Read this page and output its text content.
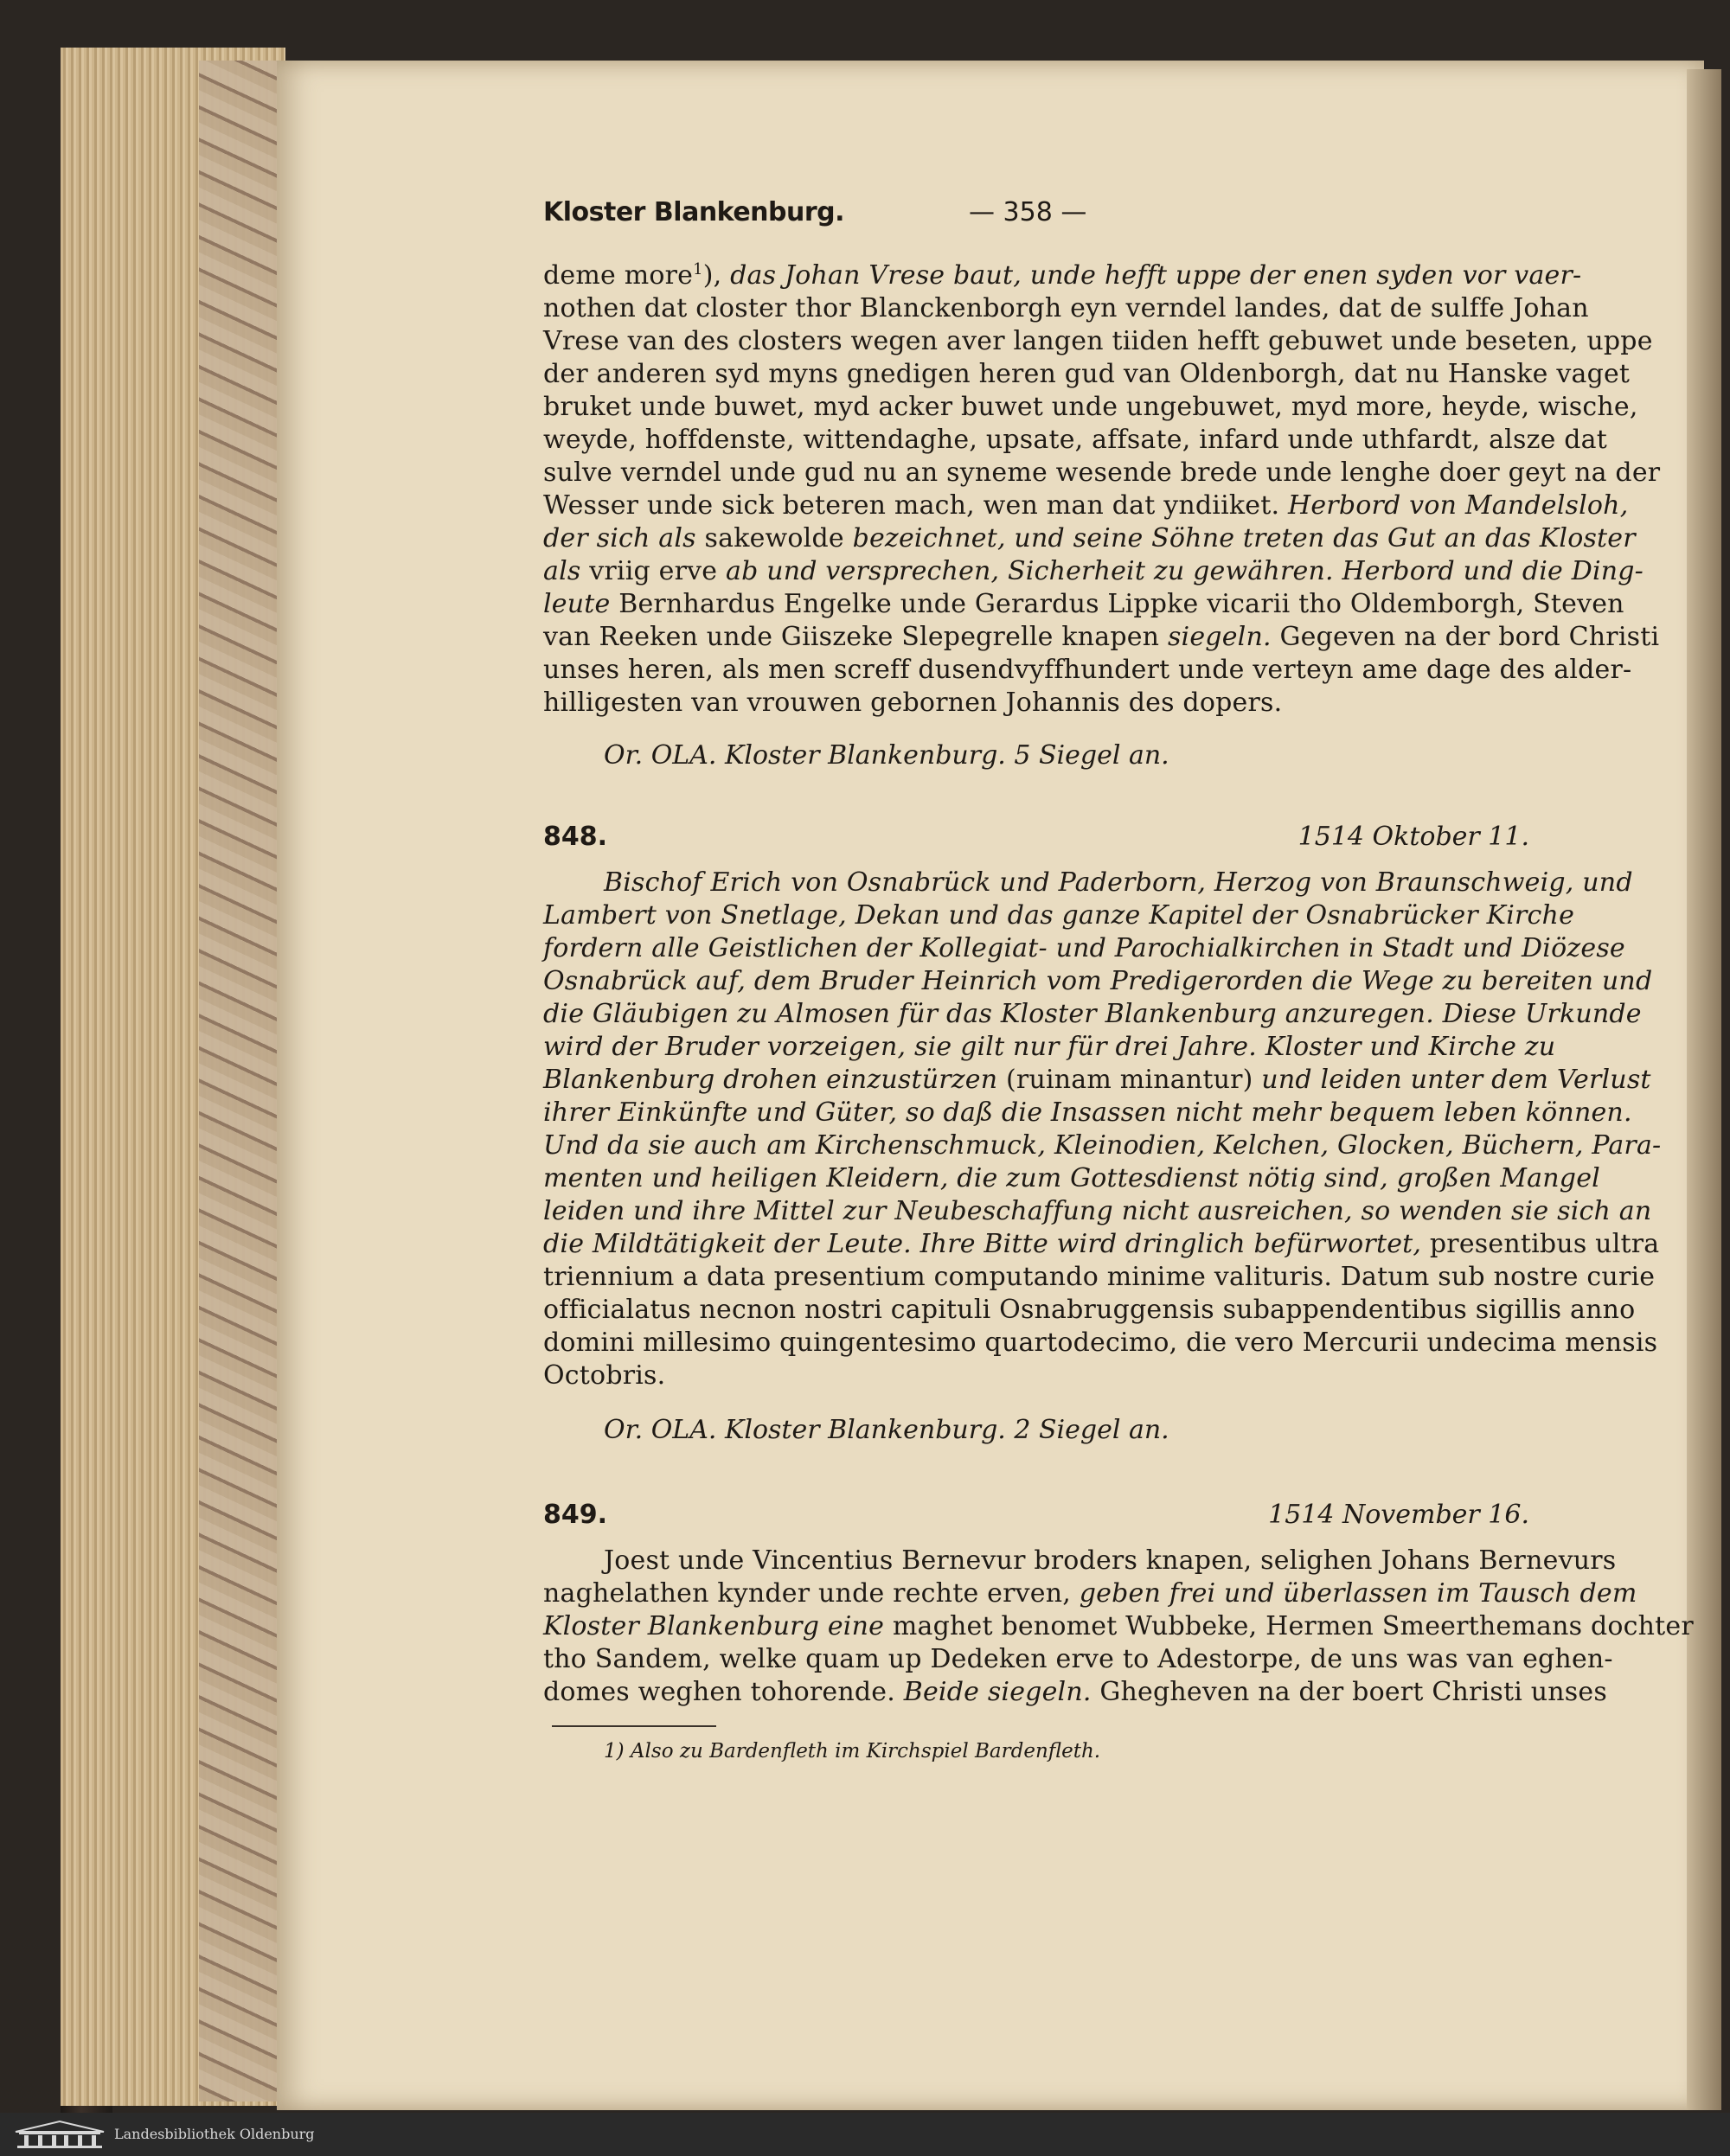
Kloster Blankenburg.	— 358 —
deme more$^1$), das Johan Vrese baut, unde hefft uppe der enen syden vor vaer-
nothen dat closter thor Blanckenborgh eyn verndel landes, dat de sulffe Johan
Vrese van des closters wegen aver langen tiiden hefft gebuwet unde beseten, uppe
der anderen syd myns gnedigen heren gud van Oldenborgh, dat nu Hanske vaget
bruket unde buwet, myd acker buwet unde ungebuwet, myd more, heyde, wische,
weyde, hoffdenste, wittendaghe, upsate, affsate, infard unde uthfardt, alsze dat
sulve verndel unde gud nu an syneme wesende brede unde lenghe doer geyt na der
Wesser unde sick beteren mach, wen man dat yndiiket. Herbord von Mandelsloh,
der sich als sakewolde bezeichnet, und seine Söhne treten das Gut an das Kloster
als vriig erve ab und versprechen, Sicherheit zu gewähren. Herbord und die Ding-
leute Bernhardus Engelke unde Gerardus Lippke vicarii tho Oldemborgh, Steven
van Reeken unde Giiszeke Slepegrelle knapen siegeln. Gegeven na der bord Christi
unses heren, als men screff dusendvyffhundert unde verteyn ame dage des alder-
hilligesten van vrouwen gebornen Johannis des dopers.
Or. OLA. Kloster Blankenburg. 5 Siegel an.
848.	1514 Oktober 11.
Bischof Erich von Osnabrück und Paderborn, Herzog von Braunschweig, und
Lambert von Snetlage, Dekan und das ganze Kapitel der Osnabrücker Kirche
fordern alle Geistlichen der Kollegiat- und Parochialkirchen in Stadt und Diözese
Osnabrück auf, dem Bruder Heinrich vom Predigerorden die Wege zu bereiten und
die Gläubigen zu Almosen für das Kloster Blankenburg anzuregen. Diese Urkunde
wird der Bruder vorzeigen, sie gilt nur für drei Jahre. Kloster und Kirche zu
Blankenburg drohen einzustürzen (ruinam minantur) und leiden unter dem Verlust
ihrer Einkünfte und Güter, so daß die Insassen nicht mehr bequem leben können.
Und da sie auch am Kirchenschmuck, Kleinodien, Kelchen, Glocken, Büchern, Para-
menten und heiligen Kleidern, die zum Gottesdienst nötig sind, großen Mangel
leiden und ihre Mittel zur Neubeschaffung nicht ausreichen, so wenden sie sich an
die Mildtätigkeit der Leute. Ihre Bitte wird dringlich befürwortet, presentibus ultra
triennium a data presentium computando minime valituris. Datum sub nostre curie
officialatus necnon nostri capituli Osnabruggensis subappendentibus sigillis anno
domini millesimo quingentesimo quartodecimo, die vero Mercurii undecima mensis
Octobris.
Or. OLA. Kloster Blankenburg. 2 Siegel an.
849.	1514 November 16.
Joest unde Vincentius Bernevur broders knapen, selighen Johans Bernevurs
naghelathen kynder unde rechte erven, geben frei und überlassen im Tausch dem
Kloster Blankenburg eine maghet benomet Wubbeke, Hermen Smeerthemans dochter
tho Sandem, welke quam up Dedeken erve to Adestorpe, de uns was van eghen-
domes weghen tohorende. Beide siegeln. Ghegheven na der boert Christi unses
1) Also zu Bardenfleth im Kirchspiel Bardenfleth.
Landesbibliothek Oldenburg
